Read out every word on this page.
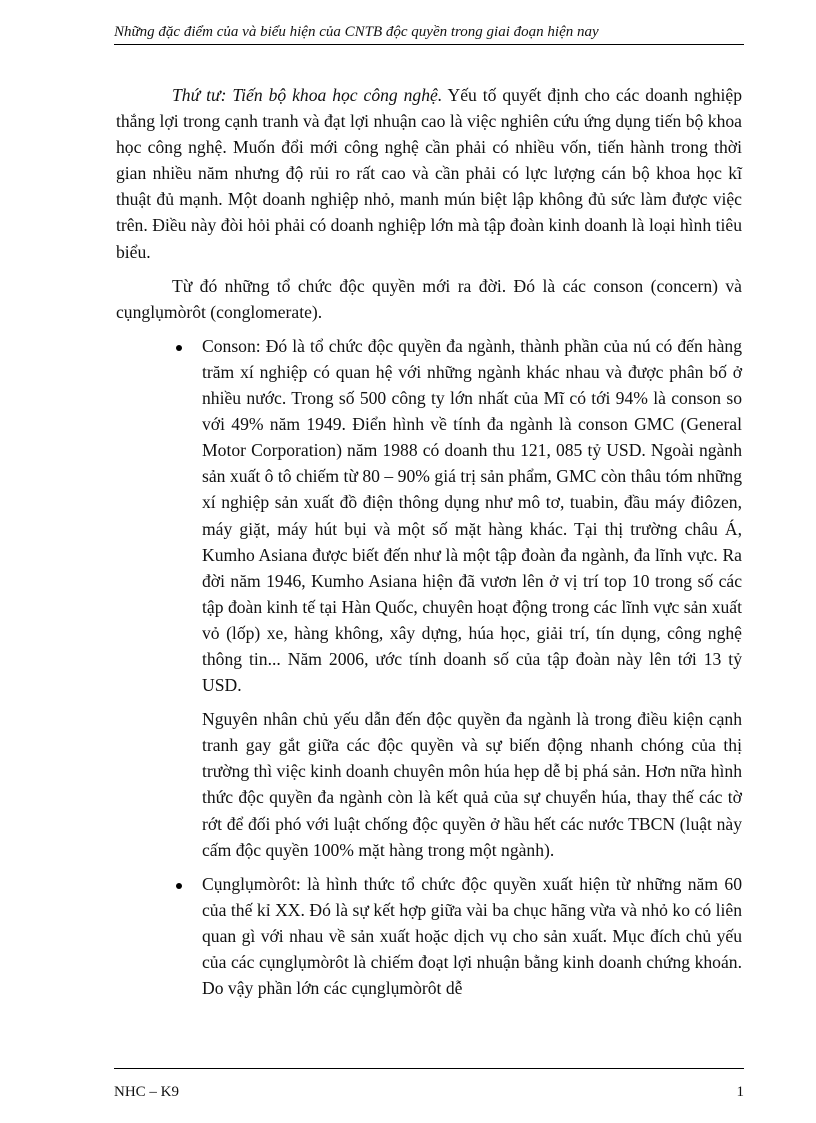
Những đặc điểm của và biểu hiện của CNTB độc quyền trong giai đoạn hiện nay

Thứ tư: Tiến bộ khoa học công nghệ. Yếu tố quyết định cho các doanh nghiệp thắng lợi trong cạnh tranh và đạt lợi nhuận cao là việc nghiên cứu ứng dụng tiến bộ khoa học công nghệ. Muốn đổi mới công nghệ cần phải có nhiều vốn, tiến hành trong thời gian nhiều năm nhưng độ rủi ro rất cao và cần phải có lực lượng cán bộ khoa học kĩ thuật đủ mạnh. Một doanh nghiệp nhỏ, manh mún biệt lập không đủ sức làm được việc trên. Điều này đòi hỏi phải có doanh nghiệp lớn mà tập đoàn kinh doanh là loại hình tiêu biểu.

Từ đó những tổ chức độc quyền mới ra đời. Đó là các conson (concern) và cụnglụmòrôt (conglomerate).

Conson: Đó là tổ chức độc quyền đa ngành, thành phần của nú có đến hàng trăm xí nghiệp có quan hệ với những ngành khác nhau và được phân bố ở nhiều nước. Trong số 500 công ty lớn nhất của Mĩ có tới 94% là conson so với 49% năm 1949. Điển hình về tính đa ngành là conson GMC (General Motor Corporation) năm 1988 có doanh thu 121, 085 tỷ USD. Ngoài ngành sản xuất ô tô chiếm từ 80 – 90% giá trị sản phẩm, GMC còn thâu tóm những xí nghiệp sản xuất đồ điện thông dụng như mô tơ, tuabin, đầu máy điôzen, máy giặt, máy hút bụi và một số mặt hàng khác. Tại thị trường châu Á, Kumho Asiana được biết đến như là một tập đoàn đa ngành, đa lĩnh vực. Ra đời năm 1946, Kumho Asiana hiện đã vươn lên ở vị trí top 10 trong số các tập đoàn kinh tế tại Hàn Quốc, chuyên hoạt động trong các lĩnh vực sản xuất vỏ (lốp) xe, hàng không, xây dựng, húa học, giải trí, tín dụng, công nghệ thông tin... Năm 2006, ước tính doanh số của tập đoàn này lên tới 13 tỷ USD.

Nguyên nhân chủ yếu dẫn đến độc quyền đa ngành là trong điều kiện cạnh tranh gay gắt giữa các độc quyền và sự biến động nhanh chóng của thị trường thì việc kinh doanh chuyên môn húa hẹp dễ bị phá sản. Hơn nữa hình thức độc quyền đa ngành còn là kết quả của sự chuyển húa, thay thế các tờ rớt để đối phó với luật chống độc quyền ở hầu hết các nước TBCN (luật này cấm độc quyền 100% mặt hàng trong một ngành).

Cụnglụmòrôt: là hình thức tổ chức độc quyền xuất hiện từ những năm 60 của thế kỉ XX. Đó là sự kết hợp giữa vài ba chục hãng vừa và nhỏ ko có liên quan gì với nhau về sản xuất hoặc dịch vụ cho sản xuất. Mục đích chủ yếu của các cụnglụmòrôt là chiếm đoạt lợi nhuận bằng kinh doanh chứng khoán. Do vậy phần lớn các cụnglụmòrôt dễ
NHC – K9	1
